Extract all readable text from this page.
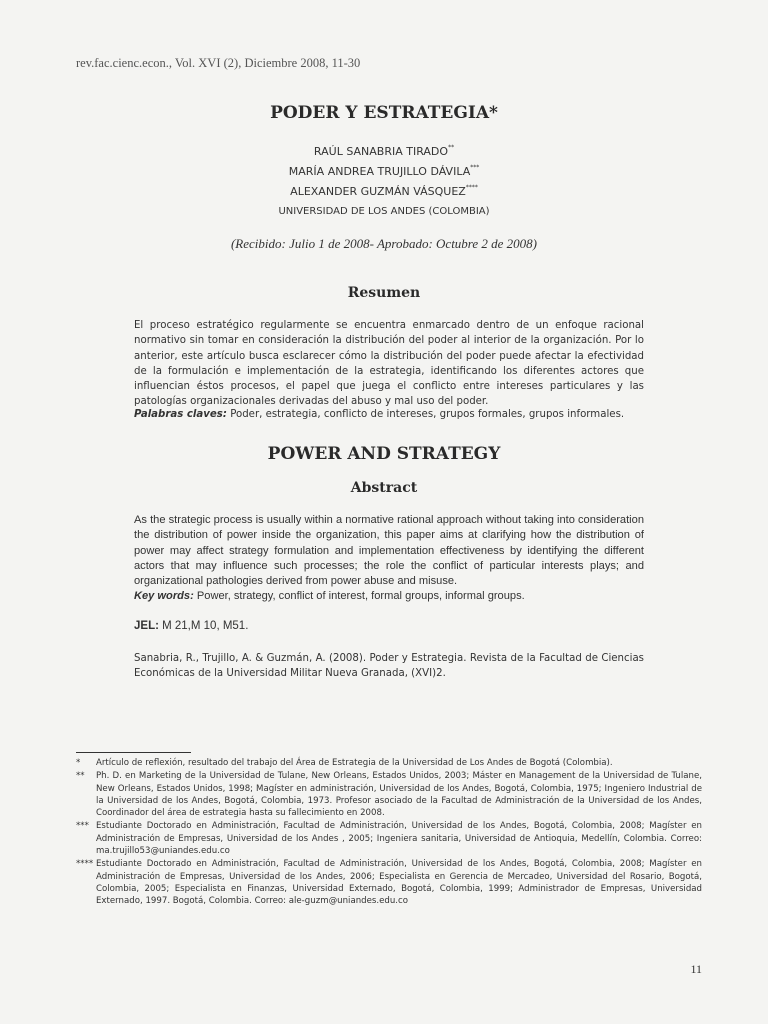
rev.fac.cienc.econ., Vol. XVI (2), Diciembre 2008, 11-30
PODER Y ESTRATEGIA*
RAÚL SANABRIA TIRADO**
MARÍA ANDREA TRUJILLO DÁVILA***
ALEXANDER GUZMÁN VÁSQUEZ****
UNIVERSIDAD DE LOS ANDES (COLOMBIA)
(Recibido: Julio 1 de 2008- Aprobado: Octubre 2 de 2008)
Resumen
El proceso estratégico regularmente se encuentra enmarcado dentro de un enfoque racional normativo sin tomar en consideración la distribución del poder al interior de la organización. Por lo anterior, este artículo busca esclarecer cómo la distribución del poder puede afectar la efectividad de la formulación e implementación de la estrategia, identificando los diferentes actores que influencian éstos procesos, el papel que juega el conflicto entre intereses particulares y las patologías organizacionales derivadas del abuso y mal uso del poder.
Palabras claves: Poder, estrategia, conflicto de intereses, grupos formales, grupos informales.
POWER AND STRATEGY
Abstract
As the strategic process is usually within a normative rational approach without taking into consideration the distribution of power inside the organization, this paper aims at clarifying how the distribution of power may affect strategy formulation and implementation effectiveness by identifying the different actors that may influence such processes; the role the conflict of particular interests plays; and organizational pathologies derived from power abuse and misuse.
Key words: Power, strategy, conflict of interest, formal groups, informal groups.
JEL: M 21,M 10, M51.
Sanabria, R., Trujillo, A. & Guzmán, A. (2008). Poder y Estrategia. Revista de la Facultad de Ciencias Económicas de la Universidad Militar Nueva Granada, (XVI)2.
*	Artículo de reflexión, resultado del trabajo del Área de Estrategia de la Universidad de Los Andes de Bogotá (Colombia).
**	Ph. D. en Marketing de la Universidad de Tulane, New Orleans, Estados Unidos, 2003; Máster en Management de la Universidad de Tulane, New Orleans, Estados Unidos, 1998; Magíster en administración, Universidad de los Andes, Bogotá, Colombia, 1975; Ingeniero Industrial de la Universidad de los Andes, Bogotá, Colombia, 1973. Profesor asociado de la Facultad de Administración de la Universidad de los Andes, Coordinador del área de estrategia hasta su fallecimiento en 2008.
*** Estudiante Doctorado en Administración, Facultad de Administración, Universidad de los Andes, Bogotá, Colombia, 2008; Magíster en Administración de Empresas, Universidad de los Andes , 2005; Ingeniera sanitaria, Universidad de Antioquia, Medellín, Colombia. Correo: ma.trujillo53@uniandes.edu.co
**** Estudiante Doctorado en Administración, Facultad de Administración, Universidad de los Andes, Bogotá, Colombia, 2008; Magíster en Administración de Empresas, Universidad de los Andes, 2006; Especialista en Gerencia de Mercadeo, Universidad del Rosario, Bogotá, Colombia, 2005; Especialista en Finanzas, Universidad Externado, Bogotá, Colombia, 1999; Administrador de Empresas, Universidad Externado, 1997. Bogotá, Colombia. Correo: ale-guzm@uniandes.edu.co
11
